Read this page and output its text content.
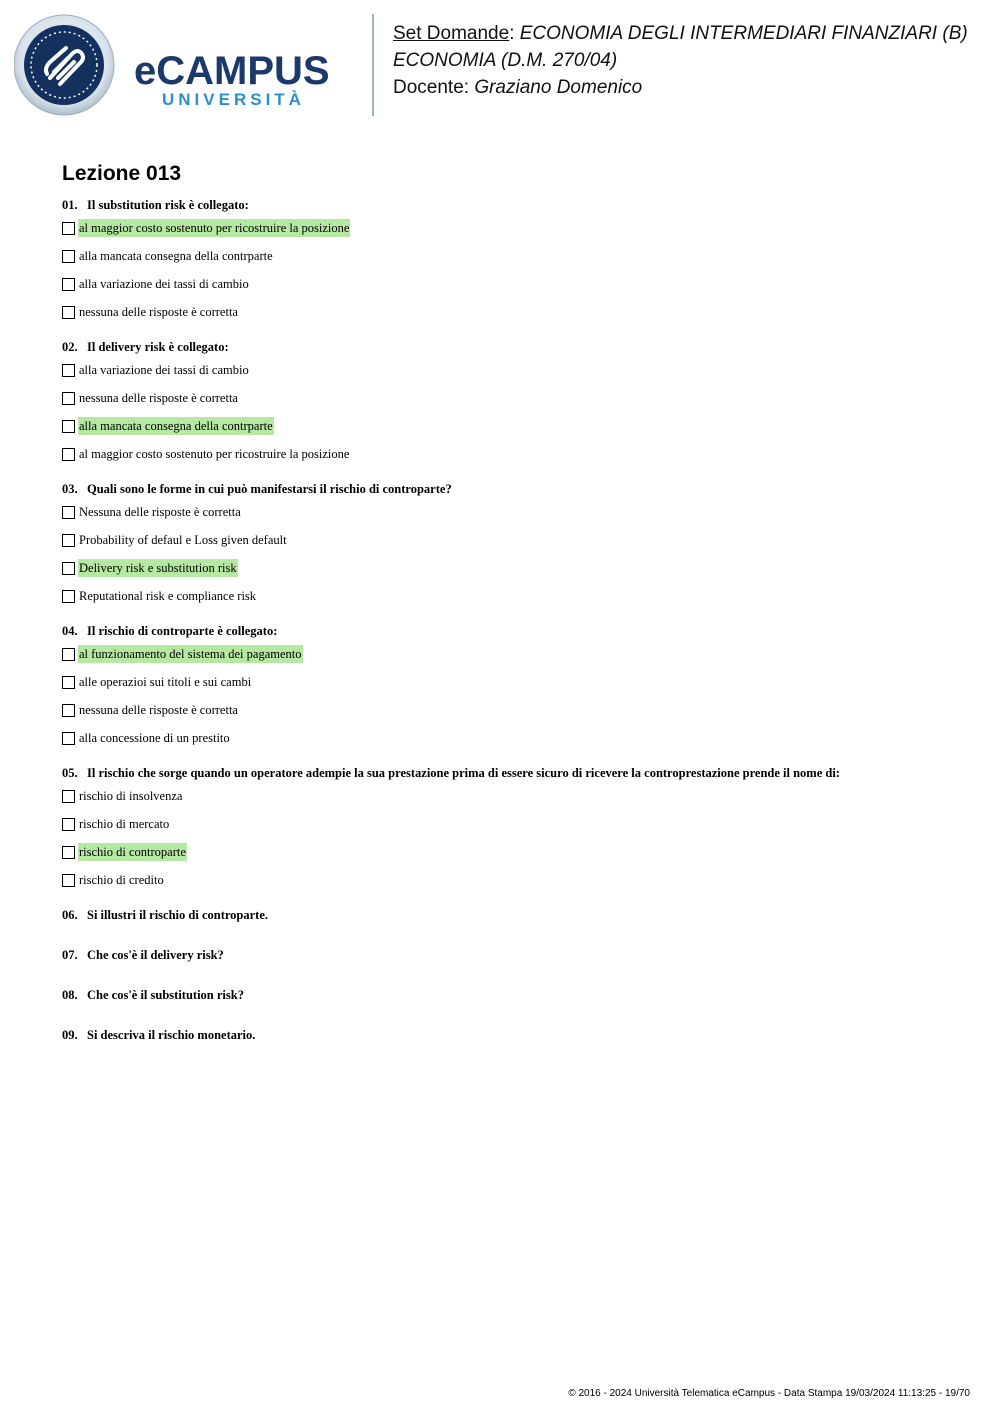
eCAMPUS
UNIVERSITÀ
Set Domande: ECONOMIA DEGLI INTERMEDIARI FINANZIARI (B)
ECONOMIA (D.M. 270/04)
Docente: Graziano Domenico
Lezione 013
01. Il substitution risk è collegato:
al maggior costo sostenuto per ricostruire la posizione
alla mancata consegna della contrparte
alla variazione dei tassi di cambio
nessuna delle risposte è corretta
02. Il delivery risk è collegato:
alla variazione dei tassi di cambio
nessuna delle risposte è corretta
alla mancata consegna della contrparte
al maggior costo sostenuto per ricostruire la posizione
03. Quali sono le forme in cui può manifestarsi il rischio di controparte?
Nessuna delle risposte è corretta
Probability of defaul e Loss given default
Delivery risk e substitution risk
Reputational risk e compliance risk
04. Il rischio di controparte è collegato:
al funzionamento del sistema dei pagamento
alle operazioi sui titoli e sui cambi
nessuna delle risposte è corretta
alla concessione di un prestito
05. Il rischio che sorge quando un operatore adempie la sua prestazione prima di essere sicuro di ricevere la controprestazione prende il nome di:
rischio di insolvenza
rischio di mercato
rischio di controparte
rischio di credito
06. Si illustri il rischio di controparte.
07. Che cos'è il delivery risk?
08. Che cos'è il substitution risk?
09. Si descriva il rischio monetario.
© 2016 - 2024 Università Telematica eCampus - Data Stampa 19/03/2024 11:13:25 - 19/70
